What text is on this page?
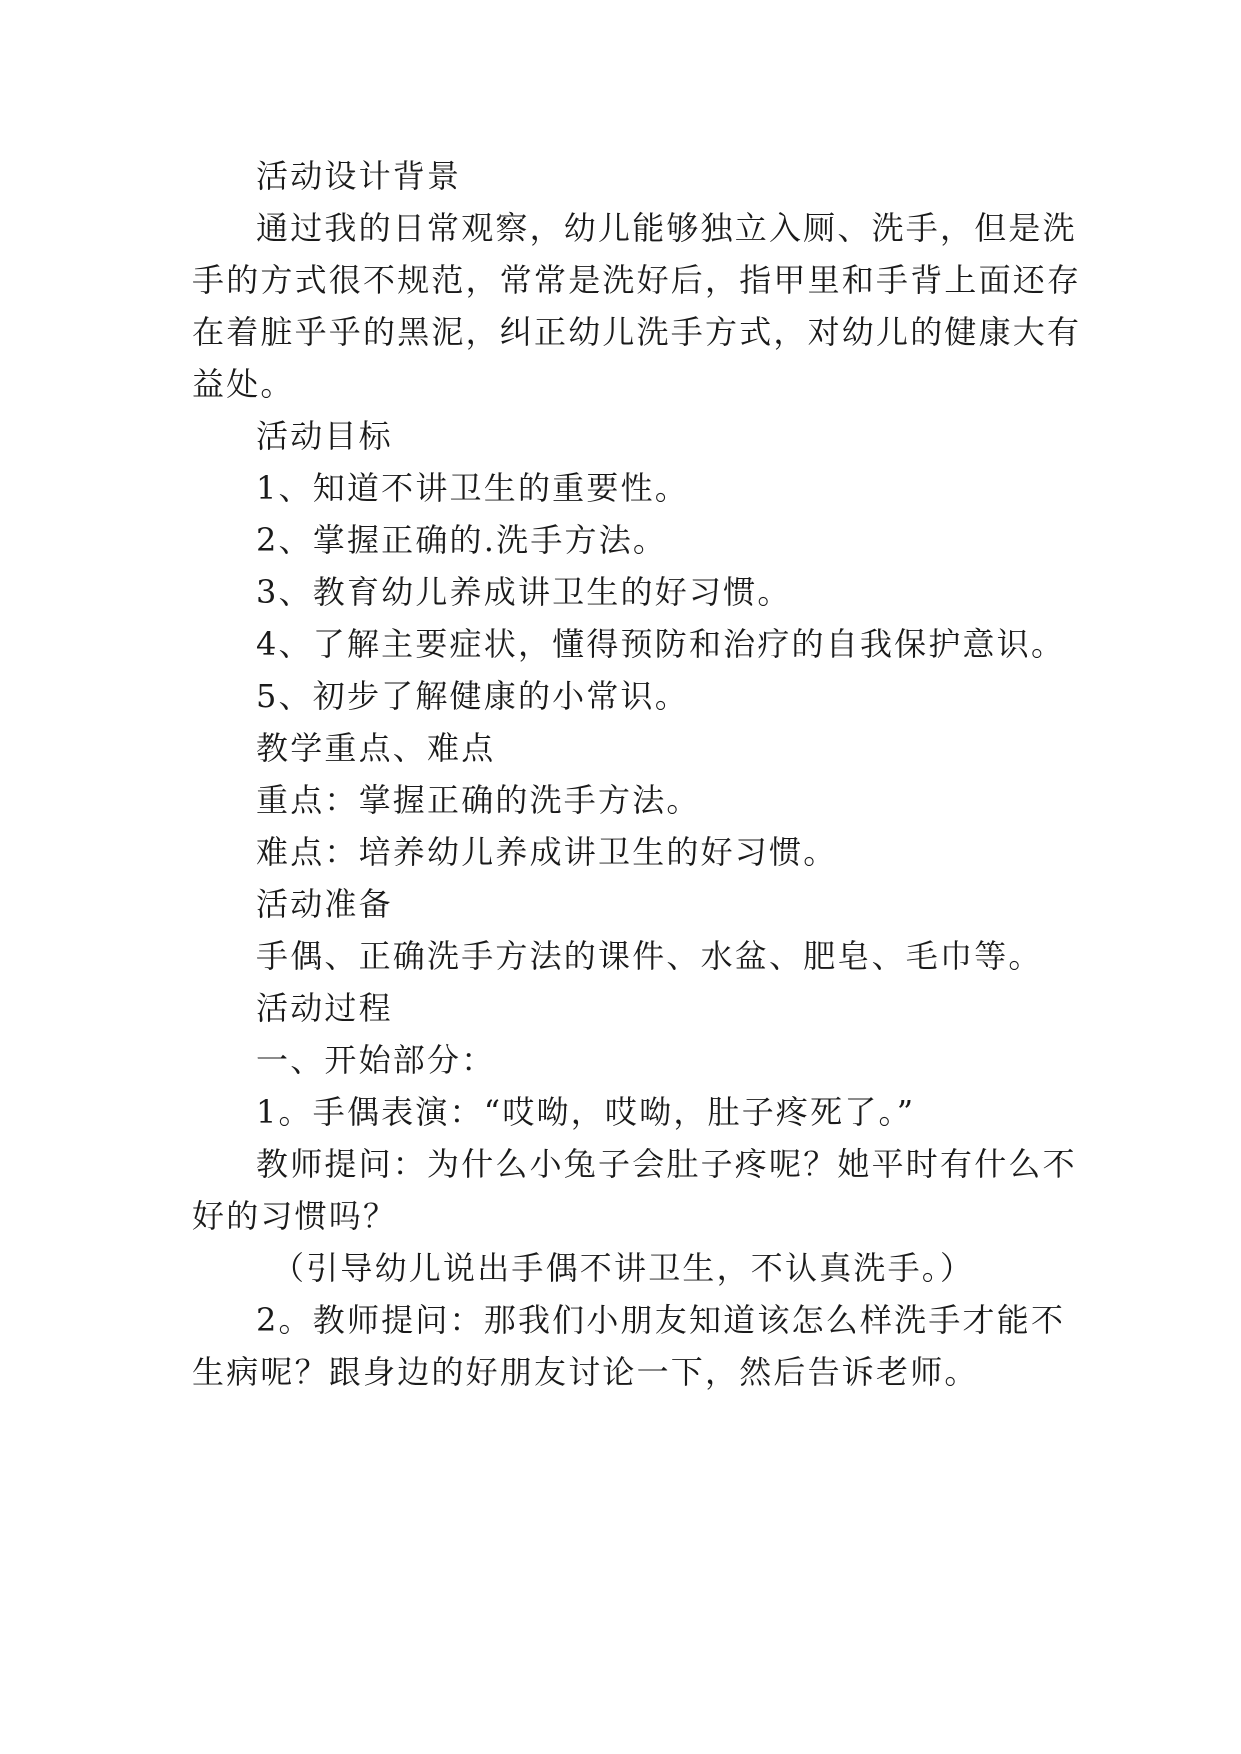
活动设计背景
通过我的日常观察，幼儿能够独立入厕、洗手，但是洗
手的方式很不规范，常常是洗好后，指甲里和手背上面还存
在着脏乎乎的黑泥，纠正幼儿洗手方式，对幼儿的健康大有
益处。
活动目标
1、知道不讲卫生的重要性。
2、掌握正确的.洗手方法。
3、教育幼儿养成讲卫生的好习惯。
4、了解主要症状，懂得预防和治疗的自我保护意识。
5、初步了解健康的小常识。
教学重点、难点
重点：掌握正确的洗手方法。
难点：培养幼儿养成讲卫生的好习惯。
活动准备
手偶、正确洗手方法的课件、水盆、肥皂、毛巾等。
活动过程
一、开始部分：
1。手偶表演：“哎呦，哎呦，肚子疼死了。”
教师提问：为什么小兔子会肚子疼呢？她平时有什么不
好的习惯吗？
（引导幼儿说出手偶不讲卫生，不认真洗手。）
2。教师提问：那我们小朋友知道该怎么样洗手才能不
生病呢？跟身边的好朋友讨论一下，然后告诉老师。
